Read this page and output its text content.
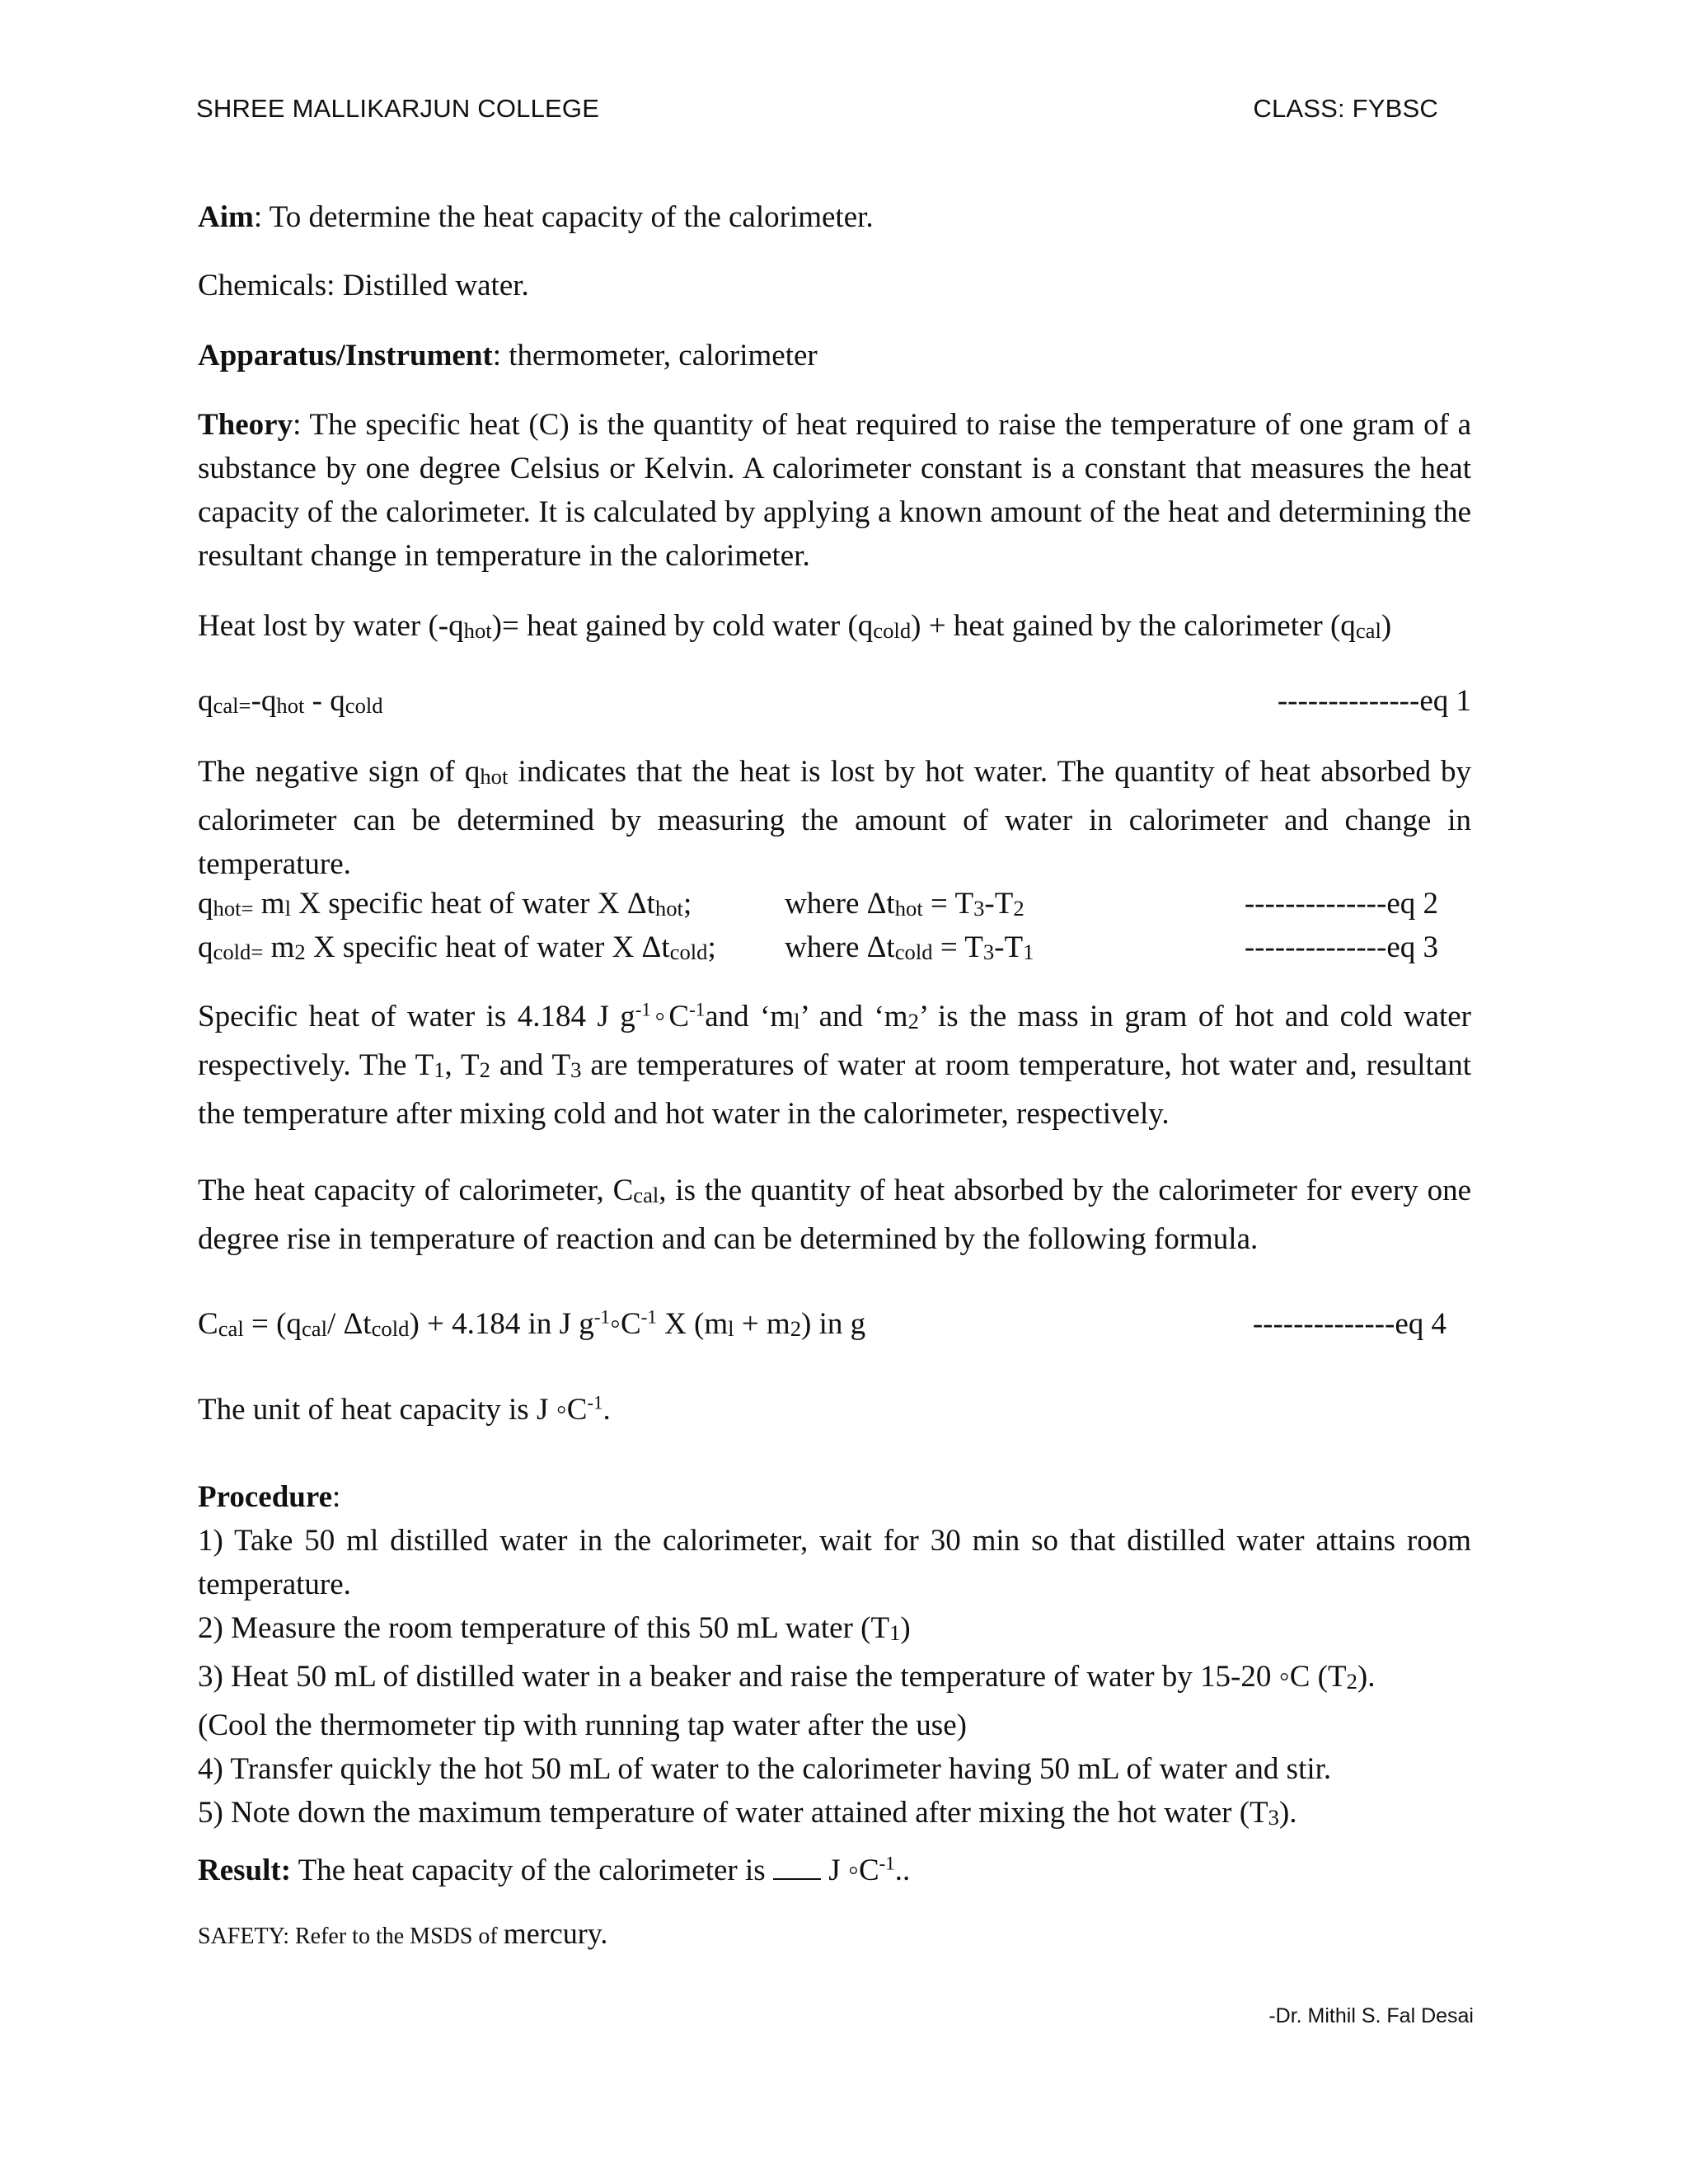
SHREE MALLIKARJUN COLLEGE	CLASS: FYBSC

Aim: To determine the heat capacity of the calorimeter.

Chemicals: Distilled water.

Apparatus/Instrument: thermometer, calorimeter

Theory: The specific heat (C) is the quantity of heat required to raise the temperature of one gram of a substance by one degree Celsius or Kelvin. A calorimeter constant is a constant that measures the heat capacity of the calorimeter. It is calculated by applying a known amount of the heat and determining the resultant change in temperature in the calorimeter.

Heat lost by water $(-q_{hot})=$ heat gained by cold water $(q_{cold})$ + heat gained by the calorimeter $(q_{cal})$
$q_{cal=}-q_{hot} - q_{cold}$	--------------eq 1

The negative sign of $q_{hot}$ indicates that the heat is lost by hot water. The quantity of heat absorbed by calorimeter can be determined by measuring the amount of water in calorimeter and change in temperature.

$q_{hot=}$ $m_l$ X specific heat of water X $\Delta t_{hot}$;	where $\Delta t_{hot} = T_3-T_2$	--------------eq 2
$q_{cold=}$ $m_2$ X specific heat of water X $\Delta t_{cold}$; where $\Delta t_{cold} = T_3-T_1$	--------------eq 3

Specific heat of water is 4.184 J $g^{-1}◦C^{-1}and$ ‘$m_l$’ and ‘$m_2$’ is the mass in gram of hot and cold water respectively. The $T_1$, $T_2$ and $T_3$ are temperatures of water at room temperature, hot water and, resultant the temperature after mixing cold and hot water in the calorimeter, respectively.

The heat capacity of calorimeter, $C_{cal}$, is the quantity of heat absorbed by the calorimeter for every one degree rise in temperature of reaction and can be determined by the following formula.

$C_{cal} = (q_{cal}/$ $\Delta t_{cold}) + 4.184$ in J $g^{-1}◦C^{-1}$ X $(m_l + m_2)$ in g	--------------eq 4

The unit of heat capacity is J $◦C^{-1}$.

Procedure:

1) Take 50 ml distilled water in the calorimeter, wait for 30 min so that distilled water attains room temperature.

2) Measure the room temperature of this 50 mL water $(T_1)$

3) Heat 50 mL of distilled water in a beaker and raise the temperature of water by 15-20 ◦C $(T_2)$.

(Cool the thermometer tip with running tap water after the use)

4) Transfer quickly the hot 50 mL of water to the calorimeter having 50 mL of water and stir.

5) Note down the maximum temperature of water attained after mixing the hot water $(T_3)$.

Result: The heat capacity of the calorimeter is  J $◦C^{-1}$..

SAFETY: Refer to the MSDS of mercury.
-Dr. Mithil S. Fal Desai
